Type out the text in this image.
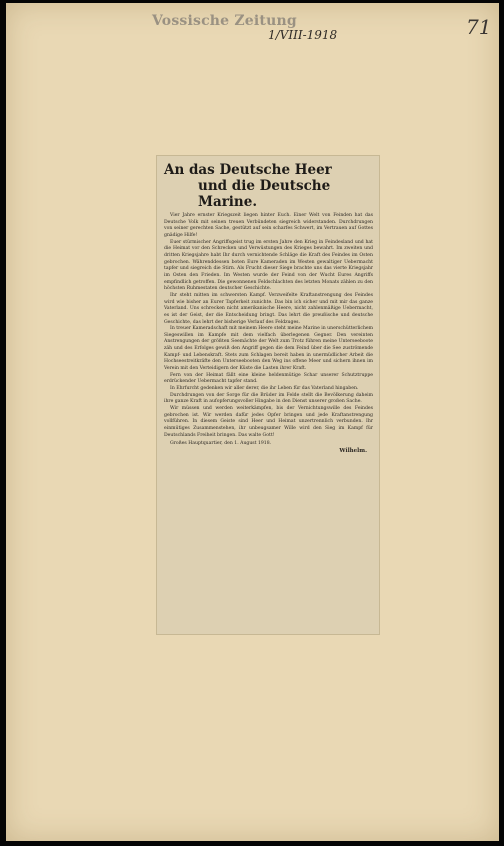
Vossische Zeitung
1/VIII-1918	71
An das Deutsche Heer
und die Deutsche Marine.

Vier Jahre ernster Kriegszeit liegen hinter Euch. Einer Welt von Feinden hat das Deutsche Volk mit seinen treuen Verbündeten siegreich widerstanden. Durchdrungen von seiner gerechten Sache, gestützt auf sein scharfes Schwert, im Vertrauen auf Gottes gnädige Hilfe!

Euer stürmischer Angriffsgeist trug im ersten Jahre den Krieg in Feindesland und hat die Heimat vor den Schrecken und Verwüstungen des Krieges bewahrt. Im zweiten und dritten Kriegsjahre habt Ihr durch vernichtende Schläge die Kraft des Feindes im Osten gebrochen. Währenddessen boten Eure Kameraden im Westen gewaltiger Uebermacht tapfer und siegreich die Stirn. Als Frucht dieser Siege brachte uns das vierte Kriegsjahr im Osten den Frieden. Im Westen wurde der Feind von der Wucht Eures Angriffs empfindlich getroffen. Die gewonnenen Feldschlachten des letzten Monats zählen zu den höchsten Ruhmestaten deutscher Geschichte.

Ihr steht mitten im schwersten Kampf. Verzweifelte Kraftanstrengung des Feindes wird wie bisher an Eurer Tapferkeit zunichte. Das bin ich sicher und mit mir das ganze Vaterland. Uns schrecken nicht amerikanische Heere, nicht zahlenmäßige Uebermacht, es ist der Geist, der die Entscheidung bringt. Das lehrt die preußische und deutsche Geschichte, das lehrt der bisherige Verlauf des Feldzuges.

In treuer Kameradschaft mit meinem Heere steht meine Marine in unerschütterlichem Siegeswillen im Kampfe mit dem vielfach überlegenen Gegner. Den vereinten Anstrengungen der größten Seemächte der Welt zum Trotz führen meine Unterseeboote zäh und des Erfolges gewiß den Angriff gegen die dem Feind über die See zuströmende Kampf- und Lebenskraft. Stets zum Schlagen bereit haben in unermüdlicher Arbeit die Hochseestreitkräfte den Unterseebooten den Weg ins offene Meer und sichern ihnen im Verein mit den Verteidigern der Küste die Lasten ihrer Kraft.

Fern von der Heimat fällt eine kleine heldenmütige Schar unserer Schutztruppe erdrückender Uebermacht tapfer stand.

In Ehrfurcht gedenken wir aller derer, die ihr Leben für das Vaterland hingaben.

Durchdrungen von der Sorge für die Brüder im Felde stellt die Bevölkerung daheim ihre ganze Kraft in aufopferungsvoller Hingabe in den Dienst unserer großen Sache.

Wir müssen und werden weiterkämpfen, bis der Vernichtungswille des Feindes gebrochen ist. Wir werden dafür jedes Opfer bringen und jede Kraftanstrengung vollführen. In diesem Geiste sind Heer und Heimat unzertrennlich verbunden. Ihr einmütiges Zusammenstehen, ihr unbeugsamer Wille wird den Sieg im Kampf für Deutschlands Freiheit bringen. Das walte Gott!

Großes Hauptquartier, den 1. August 1918.
Wilhelm.
